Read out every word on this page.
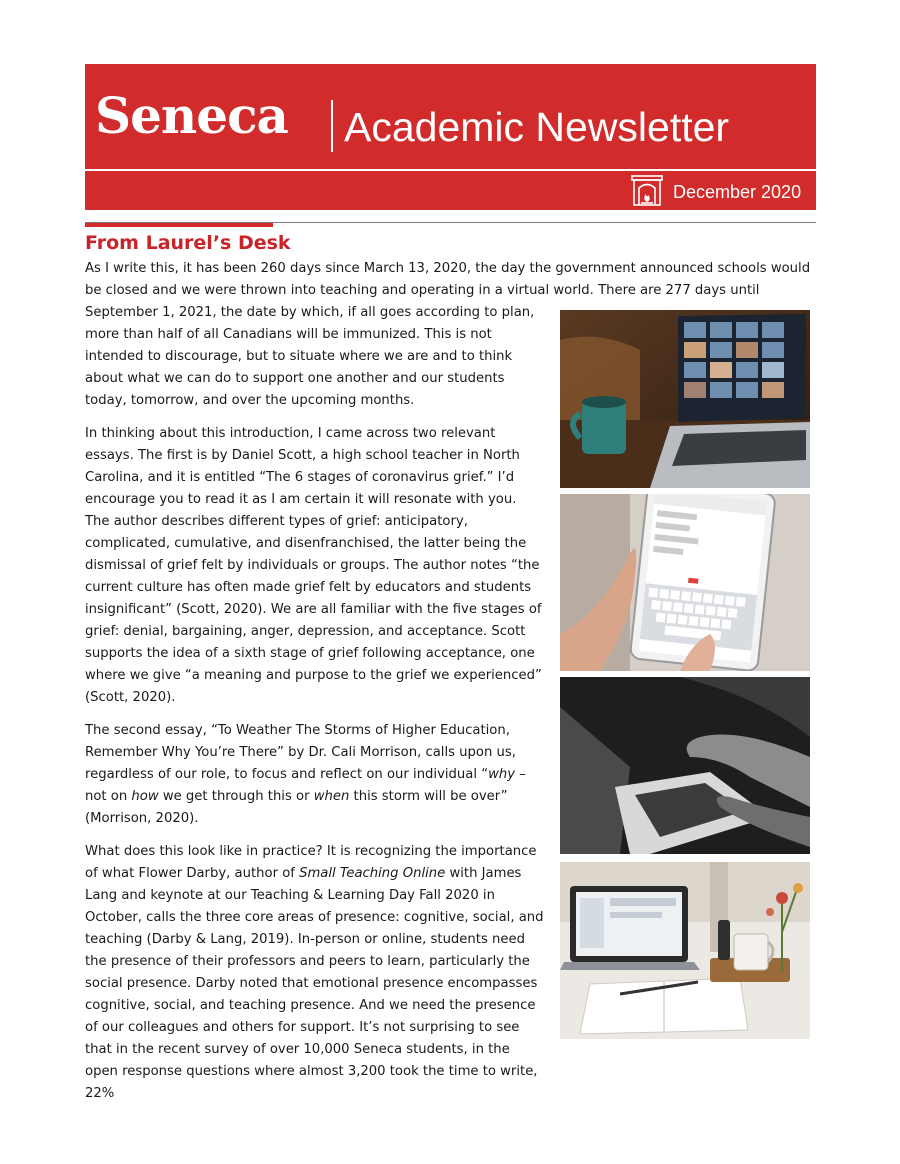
Seneca Academic Newsletter
December 2020
From Laurel’s Desk

As I write this, it has been 260 days since March 13, 2020, the day the government announced schools would be closed and we were thrown into teaching and operating in a virtual world. There are 277 days until

September 1, 2021, the date by which, if all goes according to plan, more than half of all Canadians will be immunized. This is not intended to discourage, but to situate where we are and to think about what we can do to support one another and our students today, tomorrow, and over the upcoming months.

In thinking about this introduction, I came across two relevant essays. The first is by Daniel Scott, a high school teacher in North Carolina, and it is entitled “The 6 stages of coronavirus grief.” I’d encourage you to read it as I am certain it will resonate with you. The author describes different types of grief: anticipatory, complicated, cumulative, and disenfranchised, the latter being the dismissal of grief felt by individuals or groups. The author notes “the current culture has often made grief felt by educators and students insignificant” (Scott, 2020). We are all familiar with the five stages of grief: denial, bargaining, anger, depression, and acceptance. Scott supports the idea of a sixth stage of grief following acceptance, one where we give “a meaning and purpose to the grief we experienced” (Scott, 2020).

The second essay, “To Weather The Storms of Higher Education, Remember Why You’re There” by Dr. Cali Morrison, calls upon us, regardless of our role, to focus and reflect on our individual “why – not on how we get through this or when this storm will be over” (Morrison, 2020).

What does this look like in practice? It is recognizing the importance of what Flower Darby, author of Small Teaching Online with James Lang and keynote at our Teaching & Learning Day Fall 2020 in October, calls the three core areas of presence: cognitive, social, and teaching (Darby & Lang, 2019). In-person or online, students need the presence of their professors and peers to learn, particularly the social presence. Darby noted that emotional presence encompasses cognitive, social, and teaching presence. And we need the presence of our colleagues and others for support. It’s not surprising to see that in the recent survey of over 10,000 Seneca students, in the open response questions where almost 3,200 took the time to write, 22%
